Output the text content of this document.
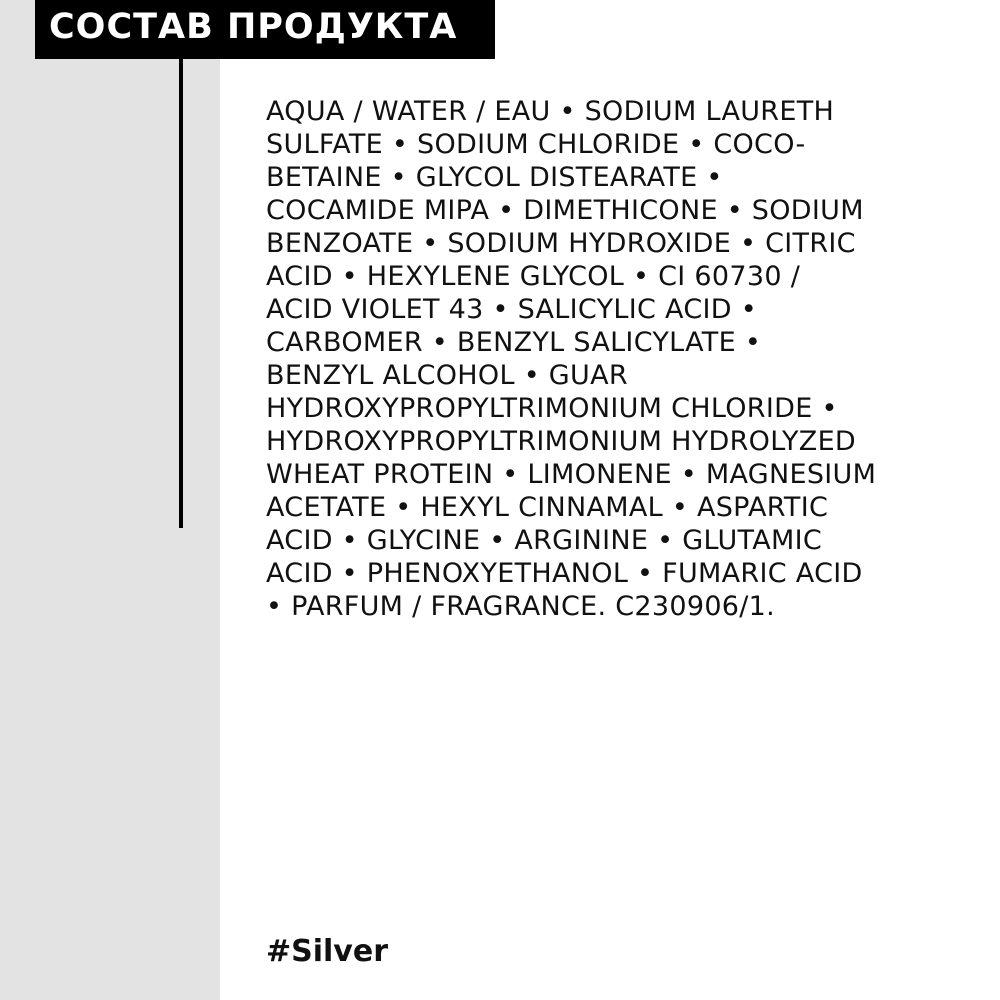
СОСТАВ ПРОДУКТА

AQUA / WATER / EAU • SODIUM LAURETH
SULFATE • SODIUM CHLORIDE • COCO-
BETAINE • GLYCOL DISTEARATE •
COCAMIDE MIPA • DIMETHICONE • SODIUM
BENZOATE • SODIUM HYDROXIDE • CITRIC
ACID • HEXYLENE GLYCOL • CI 60730 /
ACID VIOLET 43 • SALICYLIC ACID •
CARBOMER • BENZYL SALICYLATE •
BENZYL ALCOHOL • GUAR
HYDROXYPROPYLTRIMONIUM CHLORIDE •
HYDROXYPROPYLTRIMONIUM HYDROLYZED
WHEAT PROTEIN • LIMONENE • MAGNESIUM
ACETATE • HEXYL CINNAMAL • ASPARTIC
ACID • GLYCINE • ARGININE • GLUTAMIC
ACID • PHENOXYETHANOL • FUMARIC ACID
• PARFUM / FRAGRANCE. C230906/1.

#Silver
